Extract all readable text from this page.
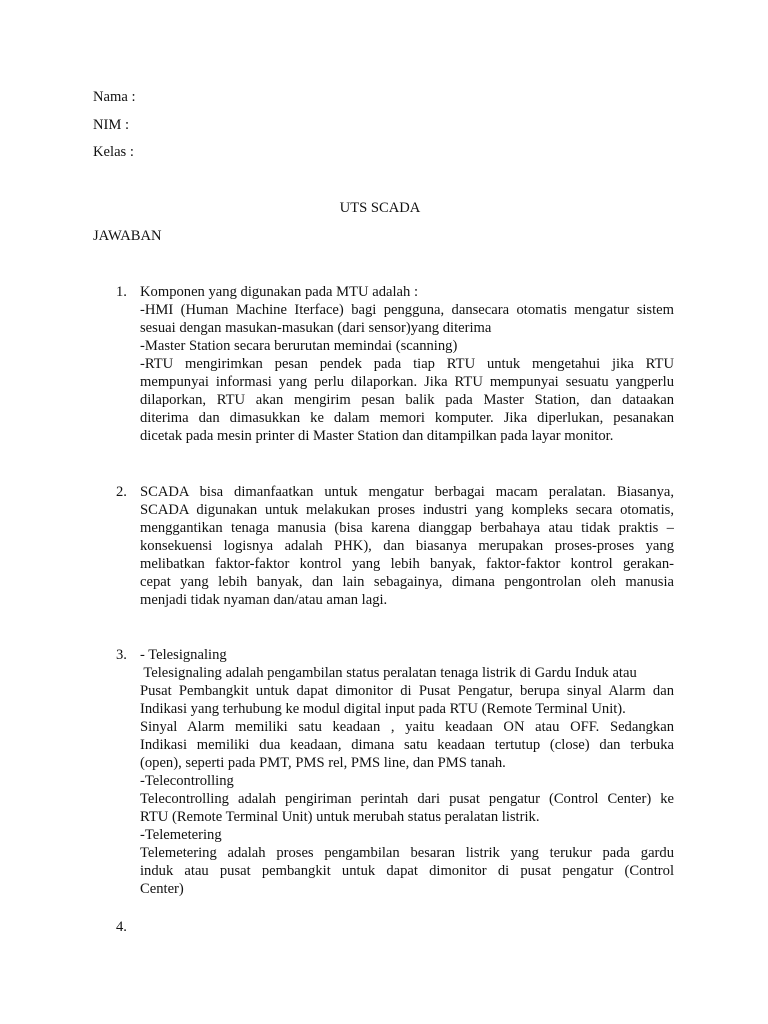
Nama :
NIM :
Kelas :
UTS SCADA
JAWABAN
1. Komponen yang digunakan pada MTU adalah :
-HMI (Human Machine Iterface) bagi pengguna, dansecara otomatis mengatur sistem
sesuai dengan masukan-masukan (dari sensor)yang diterima
-Master Station secara berurutan memindai (scanning)
-RTU mengirimkan pesan pendek pada tiap RTU untuk mengetahui jika RTU
mempunyai informasi yang perlu dilaporkan. Jika RTU mempunyai sesuatu yangperlu
dilaporkan, RTU akan mengirim pesan balik pada Master Station, dan dataakan
diterima dan dimasukkan ke dalam memori komputer. Jika diperlukan, pesanakan
dicetak pada mesin printer di Master Station dan ditampilkan pada layar monitor.
2. SCADA bisa dimanfaatkan untuk mengatur berbagai macam peralatan. Biasanya,
SCADA digunakan untuk melakukan proses industri yang kompleks secara otomatis,
menggantikan tenaga manusia (bisa karena dianggap berbahaya atau tidak praktis –
konsekuensi logisnya adalah PHK), dan biasanya merupakan proses-proses yang
melibatkan faktor-faktor kontrol yang lebih banyak, faktor-faktor kontrol gerakan-
cepat yang lebih banyak, dan lain sebagainya, dimana pengontrolan oleh manusia
menjadi tidak nyaman dan/atau aman lagi.
3. - Telesignaling
Telesignaling adalah pengambilan status peralatan tenaga listrik di Gardu Induk atau
Pusat Pembangkit untuk dapat dimonitor di Pusat Pengatur, berupa sinyal Alarm dan
Indikasi yang terhubung ke modul digital input pada RTU (Remote Terminal Unit).
Sinyal Alarm memiliki satu keadaan , yaitu keadaan ON atau OFF. Sedangkan
Indikasi memiliki dua keadaan, dimana satu keadaan tertutup (close) dan terbuka
(open), seperti pada PMT, PMS rel, PMS line, dan PMS tanah.
-Telecontrolling
Telecontrolling adalah pengiriman perintah dari pusat pengatur (Control Center) ke
RTU (Remote Terminal Unit) untuk merubah status peralatan listrik.
-Telemetering
Telemetering adalah proses pengambilan besaran listrik yang terukur pada gardu
induk atau pusat pembangkit untuk dapat dimonitor di pusat pengatur (Control
Center)
4.
